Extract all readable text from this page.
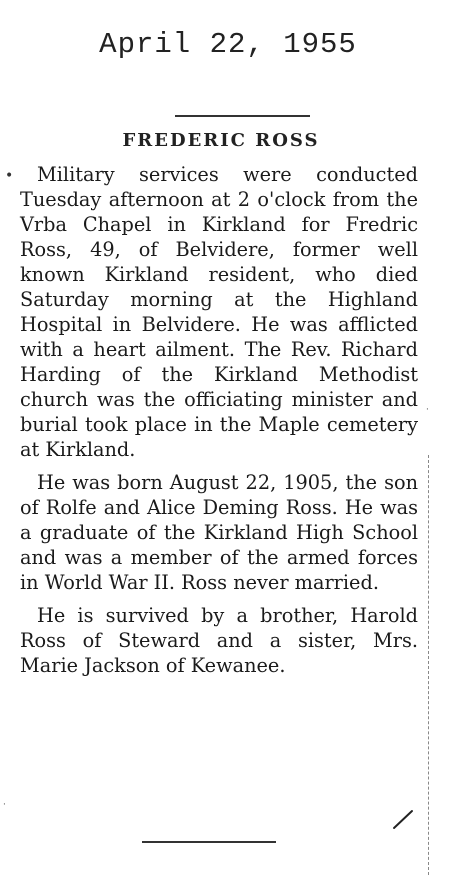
April 22, 1955
FREDERIC ROSS
•	Military services were conducted Tuesday afternoon at 2 o'clock from the Vrba Chapel in Kirkland for Fredric Ross, 49, of Belvidere, former well known Kirkland resident, who died Saturday morning at the Highland Hospital in Belvidere. He was afflicted with a heart ailment. The Rev. Richard Harding of the Kirkland Methodist church was the officiating minister and burial took place in the Maple cemetery at Kirkland.

He was born August 22, 1905, the son of Rolfe and Alice Deming Ross. He was a graduate of the Kirkland High School and was a member of the armed forces in World War II. Ross never married.

He is survived by a brother, Harold Ross of Steward and a sister, Mrs. Marie Jackson of Kewanee.

·
·
